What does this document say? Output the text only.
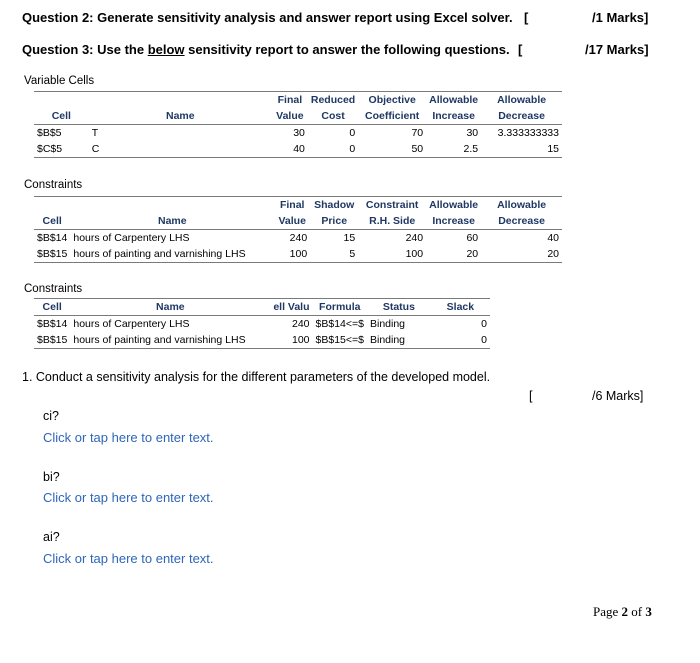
Question 2: Generate sensitivity analysis and answer report using Excel solver. [	/1 Marks]
Question 3: Use the below sensitivity report to answer the following questions. [	/17 Marks]
Variable Cells
		Final	Reduced	Objective	Allowable	Allowable
Cell	Name	Value	Cost	Coefficient	Increase	Decrease
$B$5	T	30	0	70	30	3.333333333
$C$5	C	40	0	50	2.5	15
Constraints
		Final	Shadow	Constraint	Allowable	Allowable
Cell	Name	Value	Price	R.H. Side	Increase	Decrease
$B$14	hours of Carpentery LHS	240	15	240	60	40
$B$15	hours of painting and varnishing LHS	100	5	100	20	20
Constraints
Cell	Name	ell Valu	Formula	Status	Slack
$B$14	hours of Carpentery LHS	240	$B$14<=$	Binding	0
$B$15	hours of painting and varnishing LHS	100	$B$15<=$	Binding	0
1. Conduct a sensitivity analysis for the different parameters of the developed model.
[	/6 Marks]
ci?
Click or tap here to enter text.
bi?
Click or tap here to enter text.
ai?
Click or tap here to enter text.
Page 2 of 3
